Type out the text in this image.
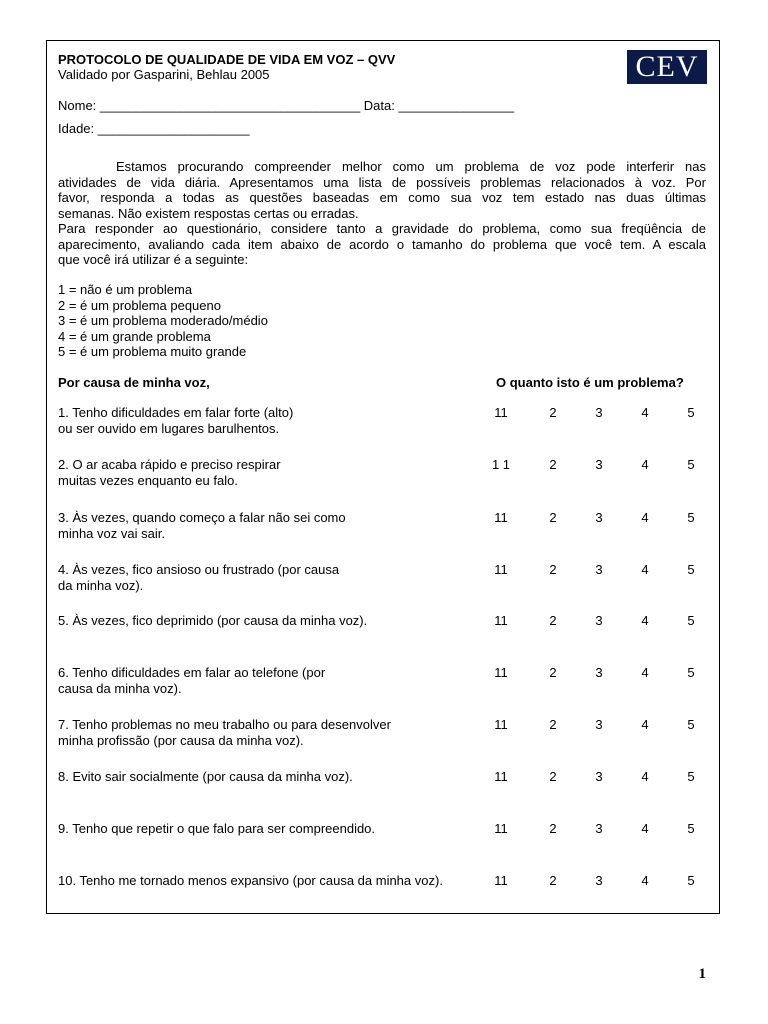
PROTOCOLO DE QUALIDADE DE VIDA EM VOZ – QVV
Validado por Gasparini, Behlau 2005	CEV
Nome: ____________________________________ Data: ________________
Idade: _____________________
Estamos procurando compreender melhor como um problema de voz pode interferir nas
atividades de vida diária. Apresentamos uma lista de possíveis problemas relacionados à voz. Por
favor, responda a todas as questões baseadas em como sua voz tem estado nas duas últimas
semanas. Não existem respostas certas ou erradas.
Para responder ao questionário, considere tanto a gravidade do problema, como sua freqüência de
aparecimento, avaliando cada item abaixo de acordo o tamanho do problema que você tem. A escala
que você irá utilizar é a seguinte:
1 = não é um problema
2 = é um problema pequeno
3 = é um problema moderado/médio
4 = é um grande problema
5 = é um problema muito grande
Por causa de minha voz,	O quanto isto é um problema?
1. Tenho dificuldades em falar forte (alto)
ou ser ouvido em lugares barulhentos.
11	2	3	4	5
2. O ar acaba rápido e preciso respirar
muitas vezes enquanto eu falo.
1 1	2	3	4	5
3. Às vezes, quando começo a falar não sei como
minha voz vai sair.
11	2	3	4	5
4. Às vezes, fico ansioso ou frustrado (por causa
da minha voz).
11	2	3	4	5
5. Às vezes, fico deprimido (por causa da minha voz).	11	2	3	4	5
6. Tenho dificuldades em falar ao telefone (por
causa da minha voz).
11	2	3	4	5
7. Tenho problemas no meu trabalho ou para desenvolver
minha profissão (por causa da minha voz).
11	2	3	4	5
8. Evito sair socialmente (por causa da minha voz).	11	2	3	4	5
9. Tenho que repetir o que falo para ser compreendido.	11	2	3	4	5
10. Tenho me tornado menos expansivo (por causa da minha voz).	11	2	3	4	5
1
